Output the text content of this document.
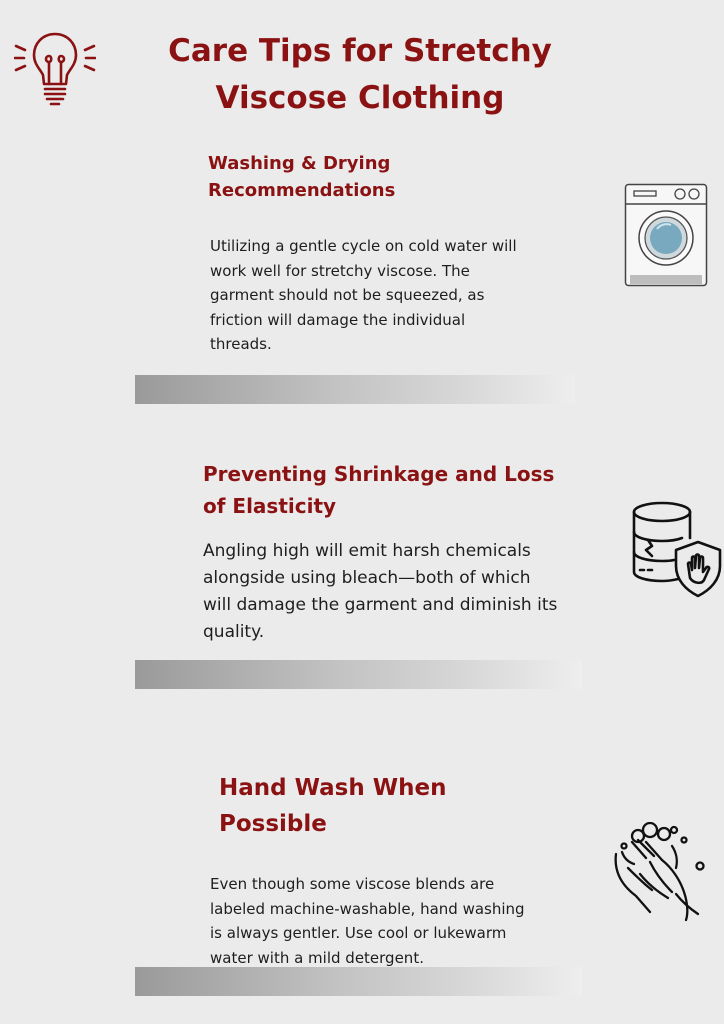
Care Tips for Stretchy Viscose Clothing
Washing & Drying Recommendations
Utilizing a gentle cycle on cold water will work well for stretchy viscose. The garment should not be squeezed, as friction will damage the individual threads.
Preventing Shrinkage and Loss of Elasticity
Angling high will emit harsh chemicals alongside using bleach—both of which will damage the garment and diminish its quality.
Hand Wash When Possible
Even though some viscose blends are labeled machine-washable, hand washing is always gentler. Use cool or lukewarm water with a mild detergent.
